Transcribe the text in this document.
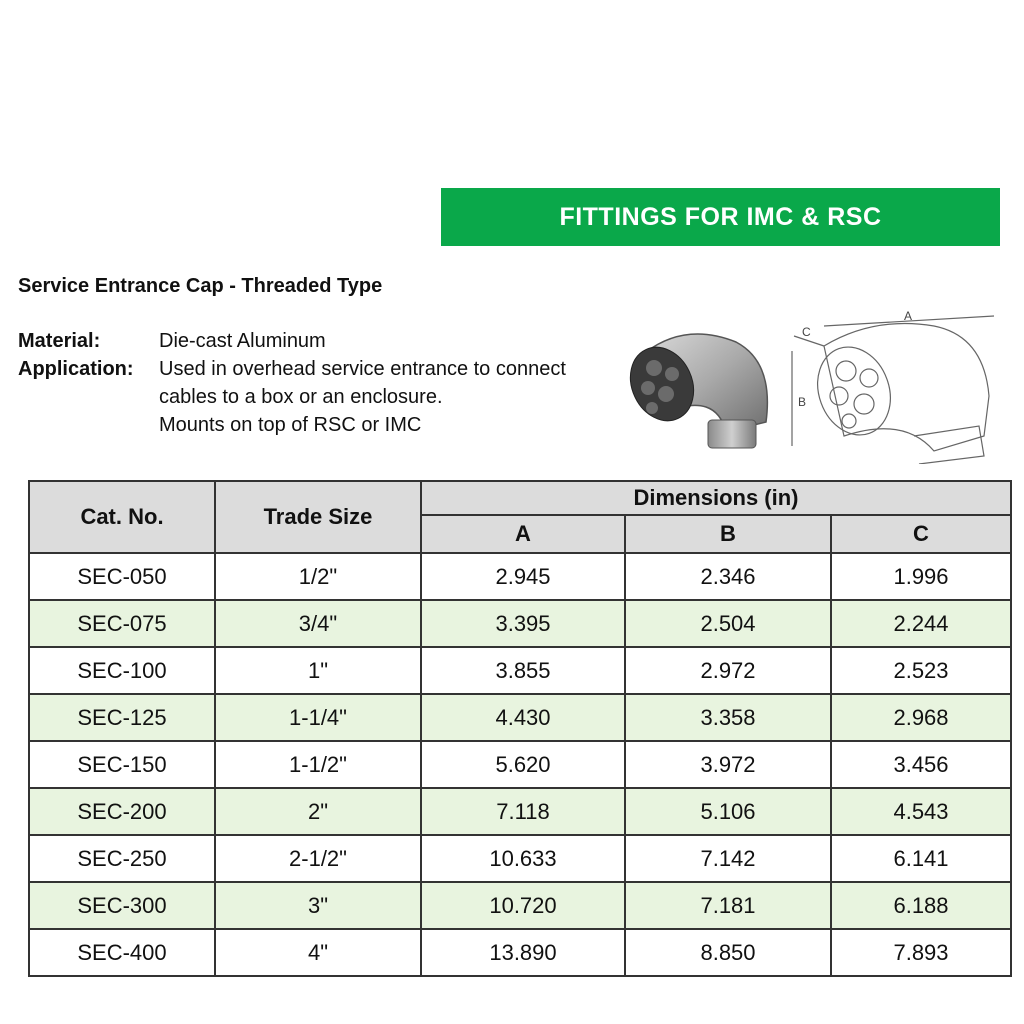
FITTINGS FOR IMC & RSC
Service Entrance Cap - Threaded Type
Material:	Die-cast Aluminum
Application: Used in overhead service entrance to connect
cables to a box or an enclosure.
Mounts on top of RSC or IMC
A
B
C
Cat. No.	Trade Size	Dimensions (in)		
		A	B	C
SEC-050	1/2"	2.945	2.346	1.996
SEC-075	3/4"	3.395	2.504	2.244
SEC-100	1"	3.855	2.972	2.523
SEC-125	1-1/4"	4.430	3.358	2.968
SEC-150	1-1/2"	5.620	3.972	3.456
SEC-200	2"	7.118	5.106	4.543
SEC-250	2-1/2"	10.633	7.142	6.141
SEC-300	3"	10.720	7.181	6.188
SEC-400	4"	13.890	8.850	7.893
